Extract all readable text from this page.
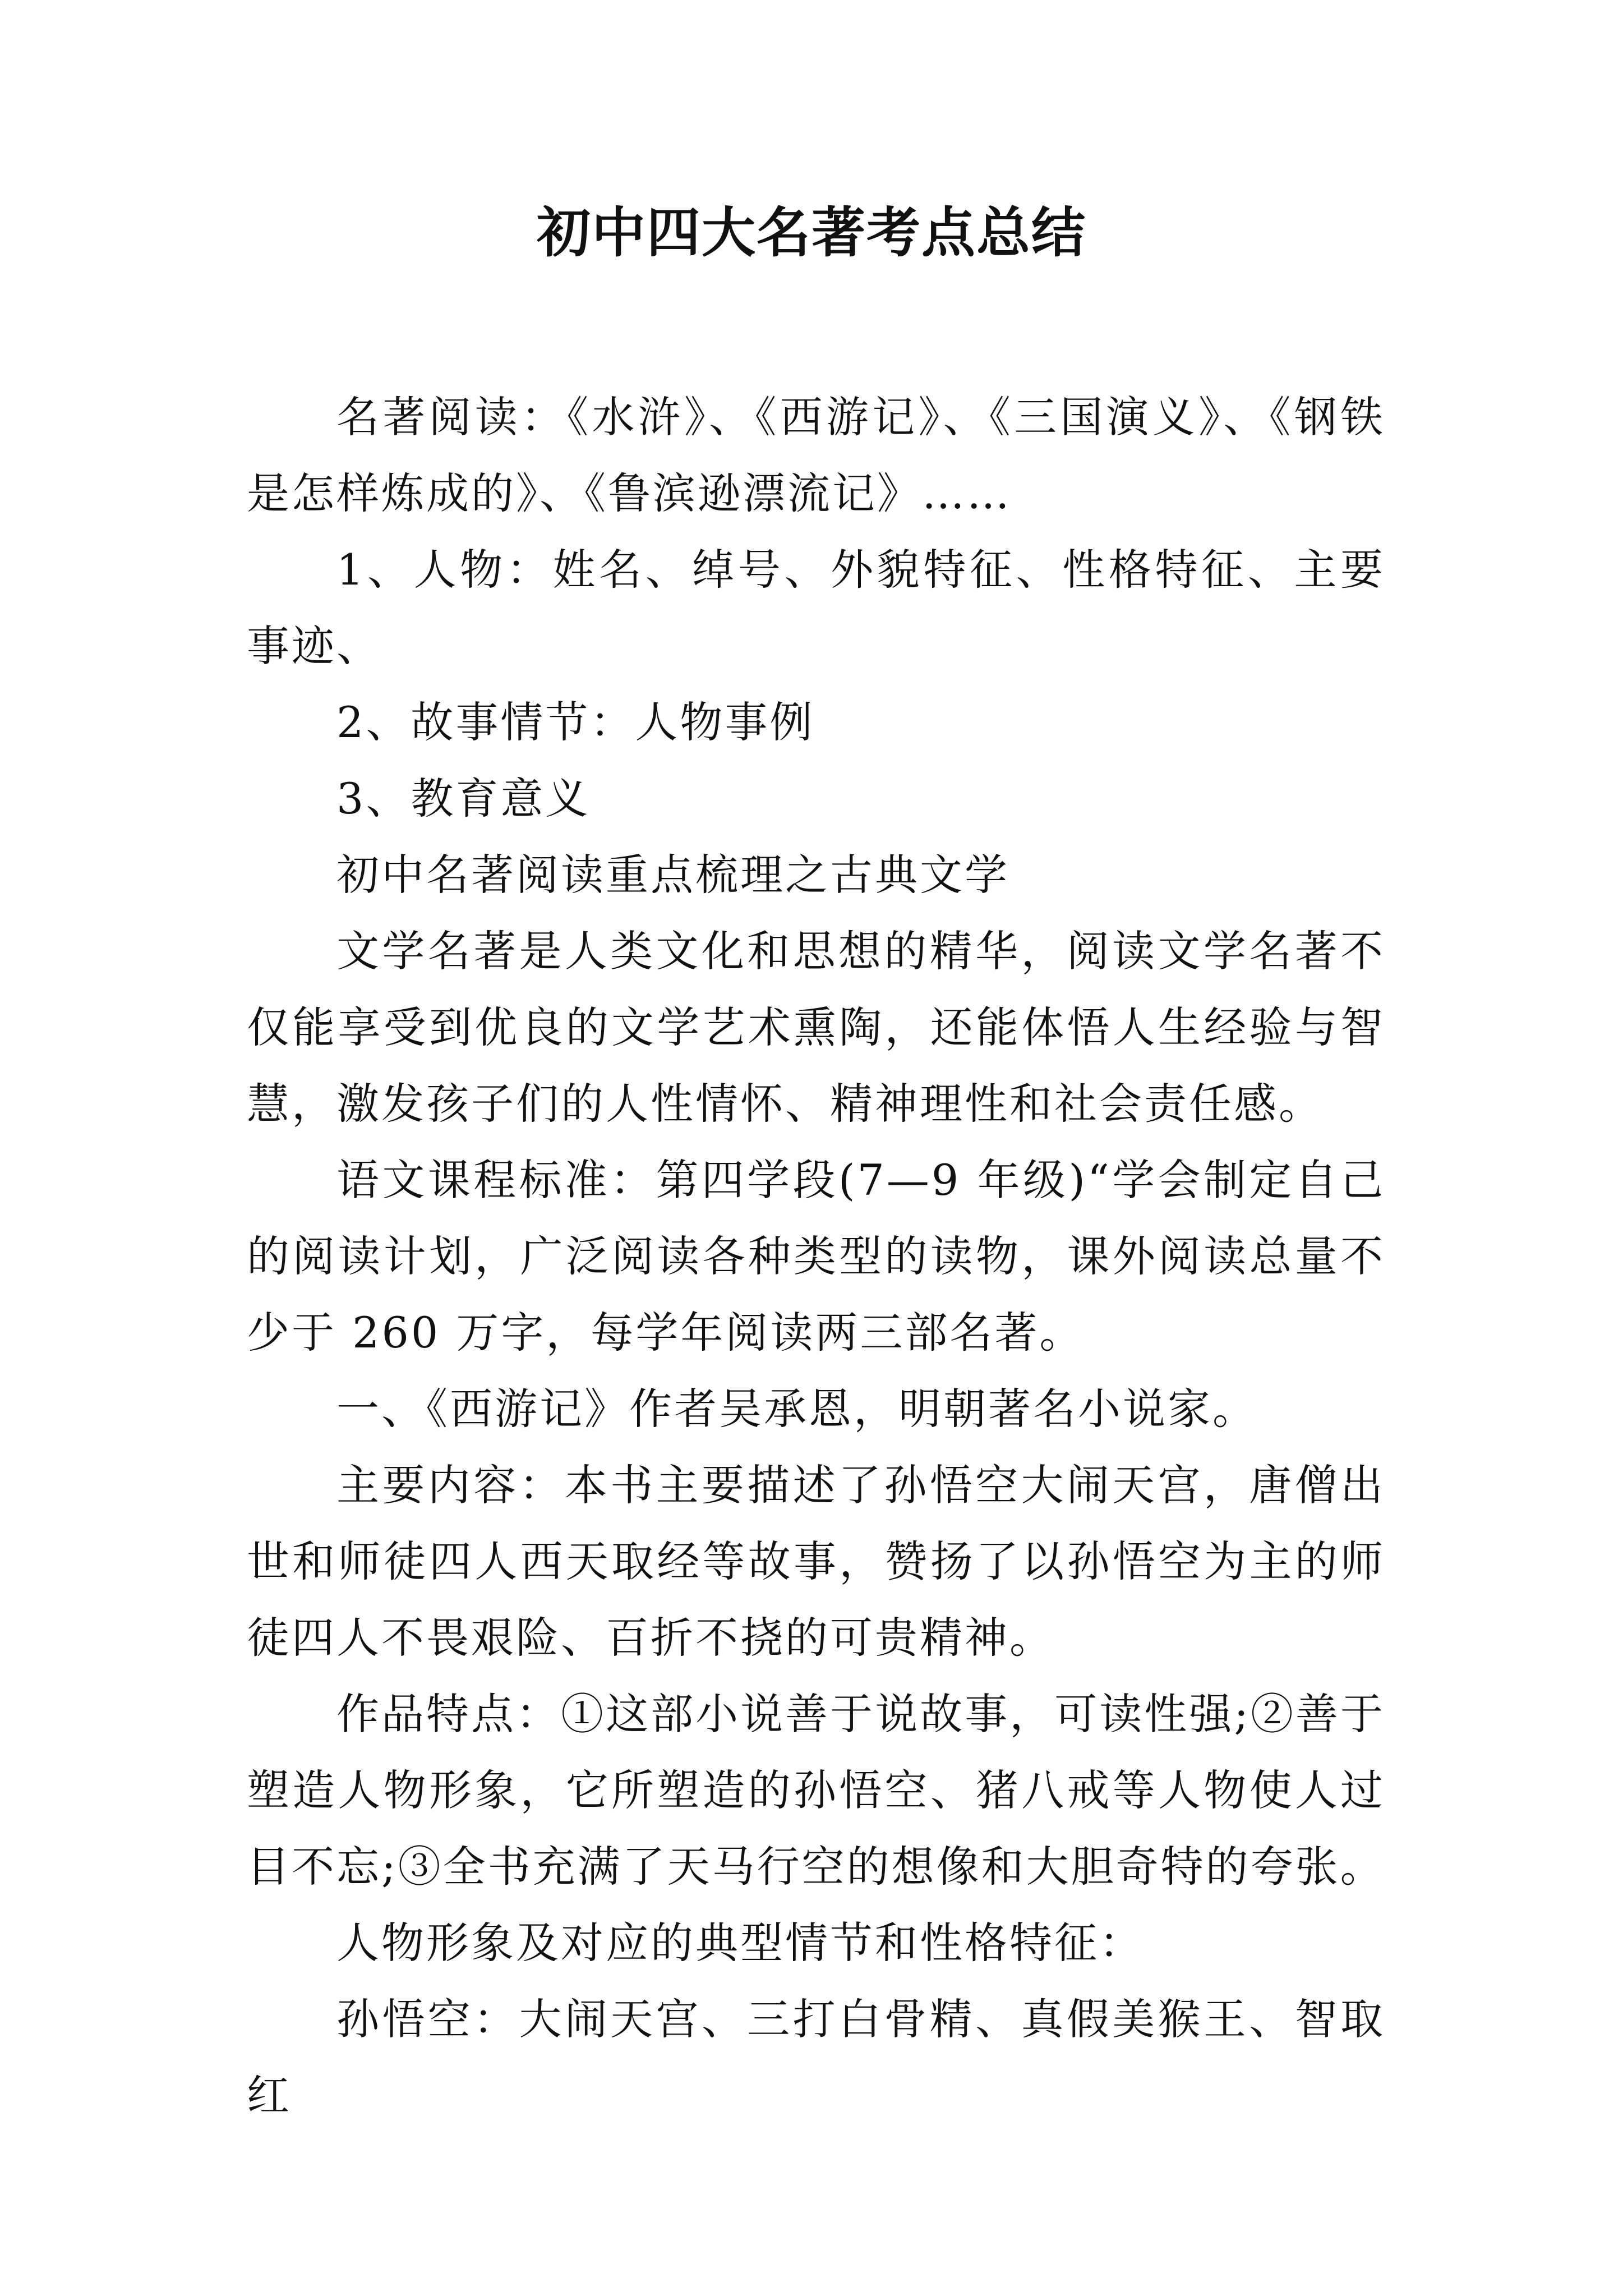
初中四大名著考点总结

名著阅读：《水浒》、《西游记》、《三国演义》、《钢铁是怎样炼成的》、《鲁滨逊漂流记》……

1、人物：姓名、绰号、外貌特征、性格特征、主要事迹、

2、故事情节：人物事例

3、教育意义

初中名著阅读重点梳理之古典文学

文学名著是人类文化和思想的精华，阅读文学名著不仅能享受到优良的文学艺术熏陶，还能体悟人生经验与智慧，激发孩子们的人性情怀、精神理性和社会责任感。

语文课程标准：第四学段(7—9 年级)“学会制定自己的阅读计划，广泛阅读各种类型的读物，课外阅读总量不少于 260 万字，每学年阅读两三部名著。

一、《西游记》作者吴承恩，明朝著名小说家。

主要内容：本书主要描述了孙悟空大闹天宫，唐僧出世和师徒四人西天取经等故事，赞扬了以孙悟空为主的师徒四人不畏艰险、百折不挠的可贵精神。

作品特点：①这部小说善于说故事，可读性强;②善于塑造人物形象，它所塑造的孙悟空、猪八戒等人物使人过目不忘;③全书充满了天马行空的想像和大胆奇特的夸张。

人物形象及对应的典型情节和性格特征：

孙悟空：大闹天宫、三打白骨精、真假美猴王、智取红
